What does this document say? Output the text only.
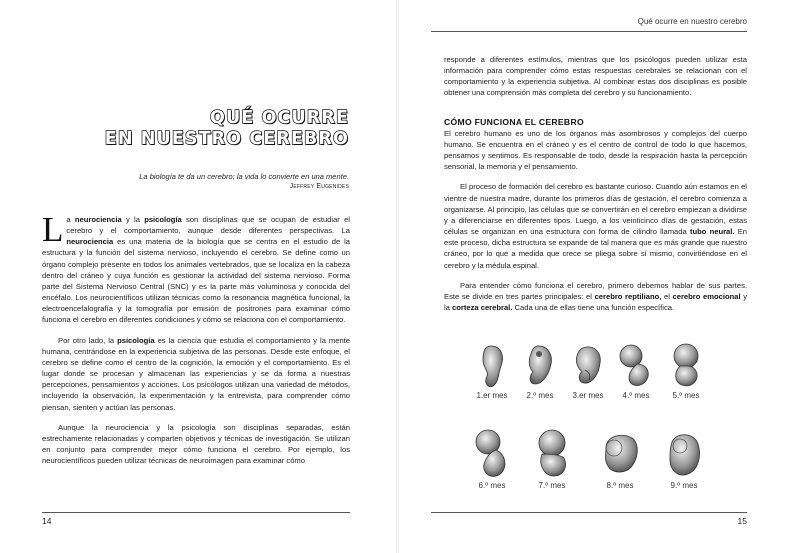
Qué ocurre en nuestro cerebro
QUÉ OCURRE
EN NUESTRO CEREBRO
La biología te da un cerebro; la vida lo convierte en una mente.
Jeffrey Eugenides

La neurociencia y la psicología son disciplinas que se ocupan de estudiar el cerebro y el comportamiento, aunque desde diferentes perspectivas. La neurociencia es una materia de la biología que se centra en el estudio de la estructura y la función del sistema nervioso, incluyendo el cerebro. Se define como un órgano complejo presente en todos los animales vertebrados, que se localiza en la cabeza dentro del cráneo y cuya función es gestionar la actividad del sistema nervioso. Forma parte del Sistema Nervioso Central (SNC) y es la parte más voluminosa y conocida del encéfalo. Los neurocientíficos utilizan técnicas como la resonancia magnética funcional, la electroencefalografía y la tomografía por emisión de positrones para examinar cómo funciona el cerebro en diferentes condiciones y cómo se relaciona con el comportamiento.

Por otro lado, la psicología es la ciencia que estudia el comportamiento y la mente humana, centrándose en la experiencia subjetiva de las personas. Desde este enfoque, el cerebro se define como el centro de la cognición, la emoción y el comportamiento. Es el lugar donde se procesan y almacenan las experiencias y se da forma a nuestras percepciones, pensamientos y acciones. Los psicólogos utilizan una variedad de métodos, incluyendo la observación, la experimentación y la entrevista, para comprender cómo piensan, sienten y actúan las personas.

Aunque la neurociencia y la psicología son disciplinas separadas, están estrechamente relacionadas y comparten objetivos y técnicas de investigación. Se utilizan en conjunto para comprender mejor cómo funciona el cerebro. Por ejemplo, los neurocientíficos pueden utilizar técnicas de neuroimagen para examinar cómo

responde a diferentes estímulos, mientras que los psicólogos pueden utilizar esta información para comprender cómo estas respuestas cerebrales se relacionan con el comportamiento y la experiencia subjetiva. Al combinar estas dos disciplinas es posible obtener una comprensión más completa del cerebro y su funcionamiento.

CÓMO FUNCIONA EL CEREBRO

El cerebro humano es uno de los órganos más asombrosos y complejos del cuerpo humano. Se encuentra en el cráneo y es el centro de control de todo lo que hacemos, pensamos y sentimos. Es responsable de todo, desde la respiración hasta la percepción sensorial, la memoria y el pensamiento.

El proceso de formación del cerebro es bastante curioso. Cuando aún estamos en el vientre de nuestra madre, durante los primeros días de gestación, el cerebro comienza a organizarse. Al principio, las células que se convertirán en el cerebro empiezan a dividirse y a diferenciarse en diferentes tipos. Luego, a los veinticinco días de gestación, estas células se organizan en una estructura con forma de cilindro llamada tubo neural. En este proceso, dicha estructura se expande de tal manera que es más grande que nuestro cráneo, por lo que a medida que crece se pliega sobre sí mismo, convirtiéndose en el cerebro y la médula espinal.

Para entender cómo funciona el cerebro, primero debemos hablar de sus partes. Este se divide en tres partes principales: el cerebro reptiliano, el cerebro emocional y la corteza cerebral. Cada una de ellas tiene una función específica.

1.er mes	2.º mes	3.er mes	4.º mes	5.º mes
6.º mes	7.º mes	8.º mes	9.º mes
14	15
